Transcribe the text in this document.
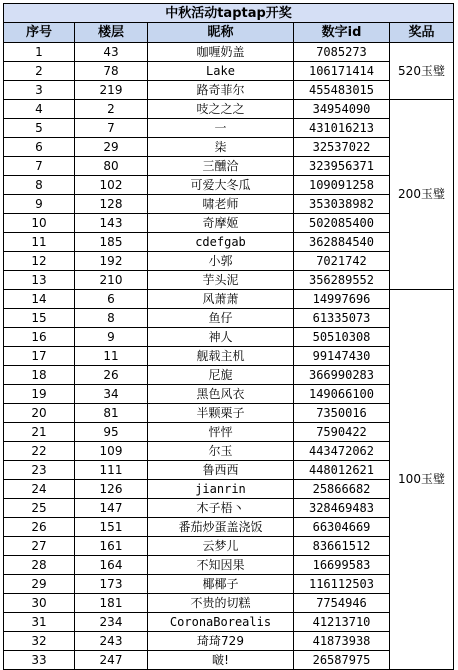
中秋活动taptap开奖				
序号	楼层	昵称	数字id	奖品
1	43	咖喱奶盖	7085273	520玉璧
2	78	Lake	106171414	
3	219	路奇菲尔	455483015	
4	2	吱之之之	34954090	200玉璧
5	7	一	431016213	
6	29	柒	32537022	
7	80	三醺洽	323956371	
8	102	可爱大冬瓜	109091258	
9	128	啸老师	353038982	
10	143	奇摩姬	502085400	
11	185	cdefgab	362884540	
12	192	小郭	7021742	
13	210	芋头泥	356289552	
14	6	风萧萧	14997696	100玉璧
15	8	鱼仔	61335073	
16	9	神人	50510308	
17	11	舰载主机	99147430	
18	26	尼旎	366990283	
19	34	黑色风衣	149066100	
20	81	半颗栗子	7350016	
21	95	怦怦	7590422	
22	109	尔玉	443472062	
23	111	鲁西西	448012621	
24	126	jianrin	25866682	
25	147	木子梧丶	328469483	
26	151	番茄炒蛋盖浇饭	66304669	
27	161	云梦儿	83661512	
28	164	不知因果	16699583	
29	173	椰椰子	116112503	
30	181	不贵的切糕	7754946	
31	234	CoronaBorealis	41213710	
32	243	琦琦729	41873938	
33	247	啵!	26587975	
